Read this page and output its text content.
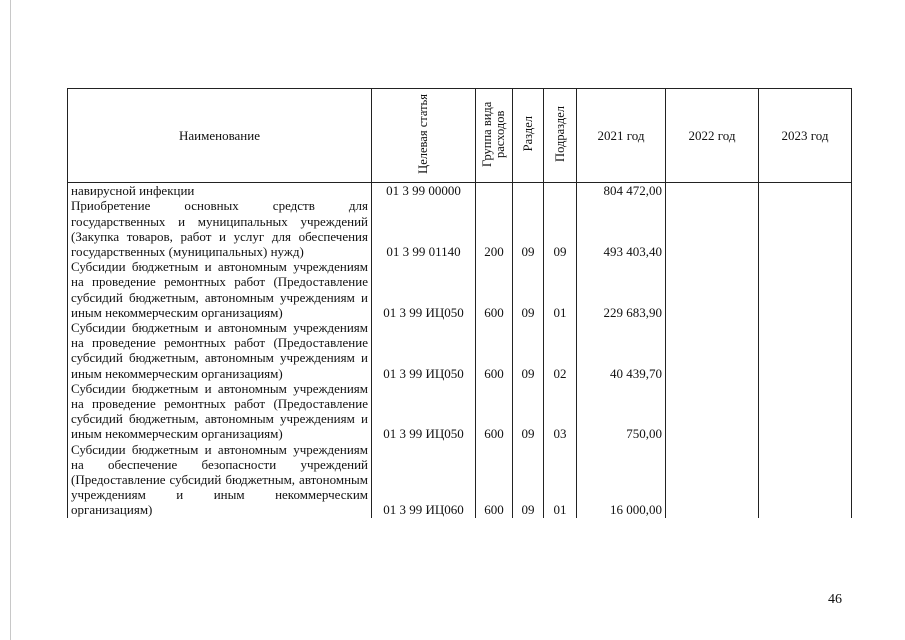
Наименование	Целевая статья	Группа вида расходов	Раздел	Подраздел	2021 год	2022 год	2023 год
навирусной инфекции	01 3 99 00000				804 472,00		
Приобретение основных средств для государственных и муниципальных учреждений (Закупка товаров, работ и услуг для обеспечения государственных (муниципальных) нужд)	01 3 99 01140	200	09	09	493 403,40		
Субсидии бюджетным и автономным учреждениям на проведение ремонтных работ (Предоставление субсидий бюджетным, автономным учреждениям и иным некоммерческим организациям)	01 3 99 ИЦ050	600	09	01	229 683,90		
Субсидии бюджетным и автономным учреждениям на проведение ремонтных работ (Предоставление субсидий бюджетным, автономным учреждениям и иным некоммерческим организациям)	01 3 99 ИЦ050	600	09	02	40 439,70		
Субсидии бюджетным и автономным учреждениям на проведение ремонтных работ (Предоставление субсидий бюджетным, автономным учреждениям и иным некоммерческим организациям)	01 3 99 ИЦ050	600	09	03	750,00		
Субсидии бюджетным и автономным учреждениям на обеспечение безопасности учреждений (Предоставление субсидий бюджетным, автономным учреждениям и иным некоммерческим организациям)	01 3 99 ИЦ060	600	09	01	16 000,00		
46
